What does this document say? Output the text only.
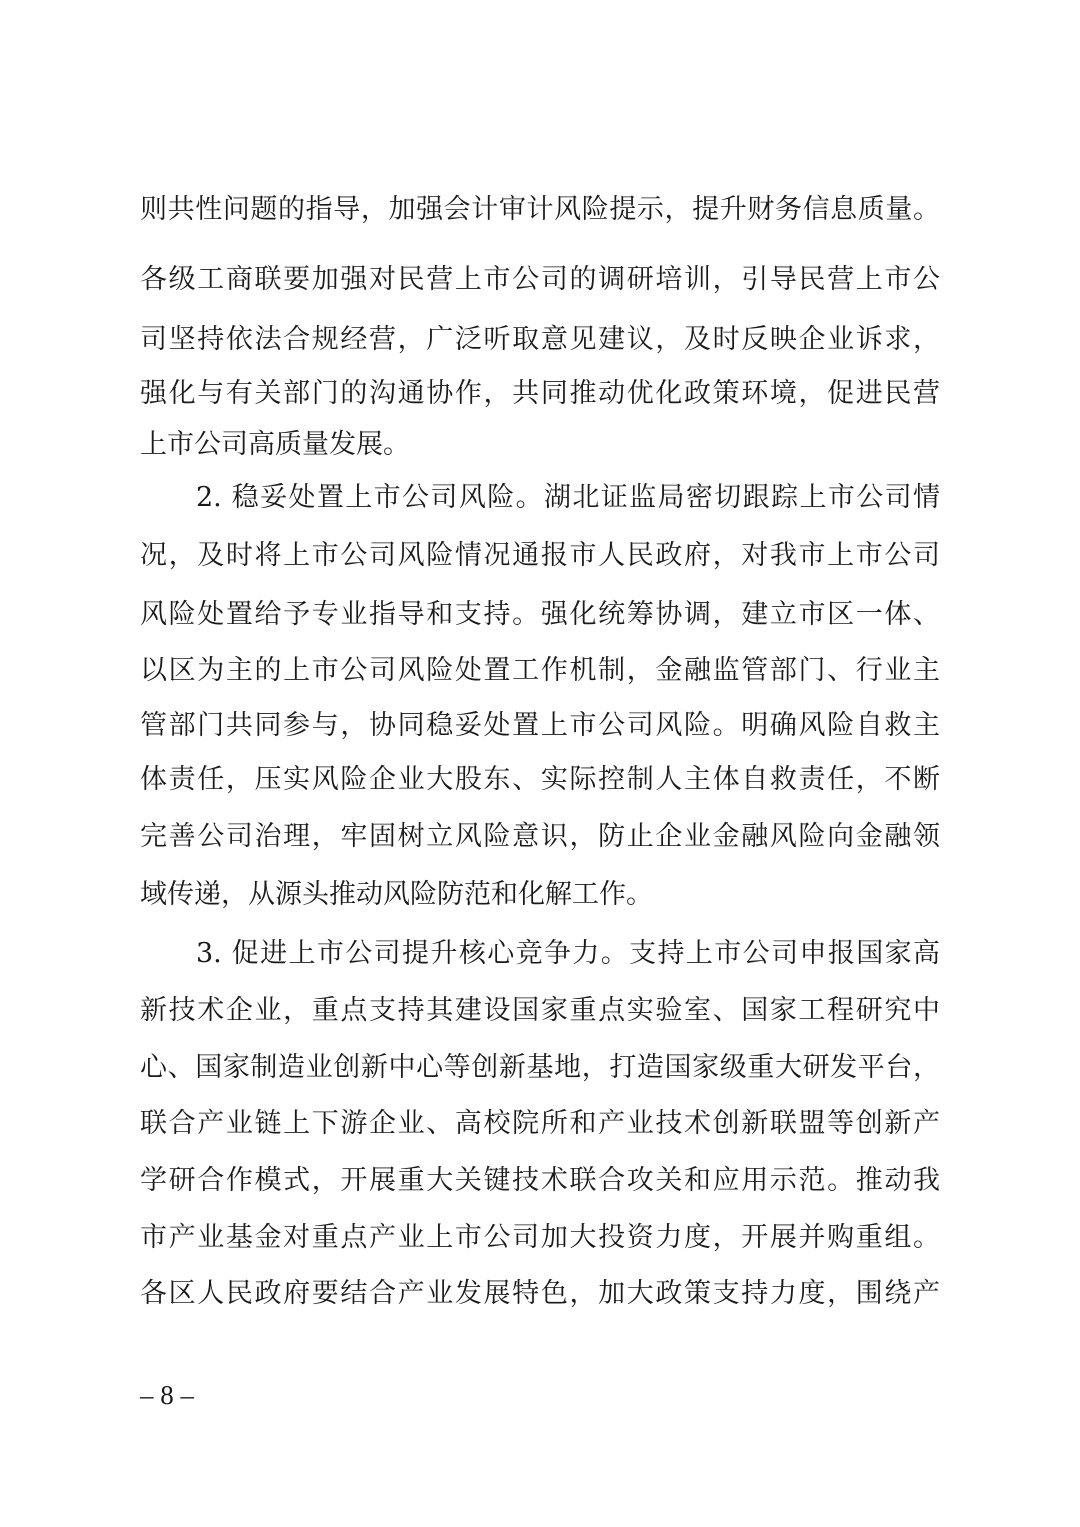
则共性问题的指导，加强会计审计风险提示，提升财务信息质量。
各级工商联要加强对民营上市公司的调研培训，引导民营上市公
司坚持依法合规经营，广泛听取意见建议，及时反映企业诉求，
强化与有关部门的沟通协作，共同推动优化政策环境，促进民营
上市公司高质量发展。
2. 稳妥处置上市公司风险。湖北证监局密切跟踪上市公司情
况，及时将上市公司风险情况通报市人民政府，对我市上市公司
风险处置给予专业指导和支持。强化统筹协调，建立市区一体、
以区为主的上市公司风险处置工作机制，金融监管部门、行业主
管部门共同参与，协同稳妥处置上市公司风险。明确风险自救主
体责任，压实风险企业大股东、实际控制人主体自救责任，不断
完善公司治理，牢固树立风险意识，防止企业金融风险向金融领
域传递，从源头推动风险防范和化解工作。
3. 促进上市公司提升核心竞争力。支持上市公司申报国家高
新技术企业，重点支持其建设国家重点实验室、国家工程研究中
心、国家制造业创新中心等创新基地，打造国家级重大研发平台，
联合产业链上下游企业、高校院所和产业技术创新联盟等创新产
学研合作模式，开展重大关键技术联合攻关和应用示范。推动我
市产业基金对重点产业上市公司加大投资力度，开展并购重组。
各区人民政府要结合产业发展特色，加大政策支持力度，围绕产
– 8 –
